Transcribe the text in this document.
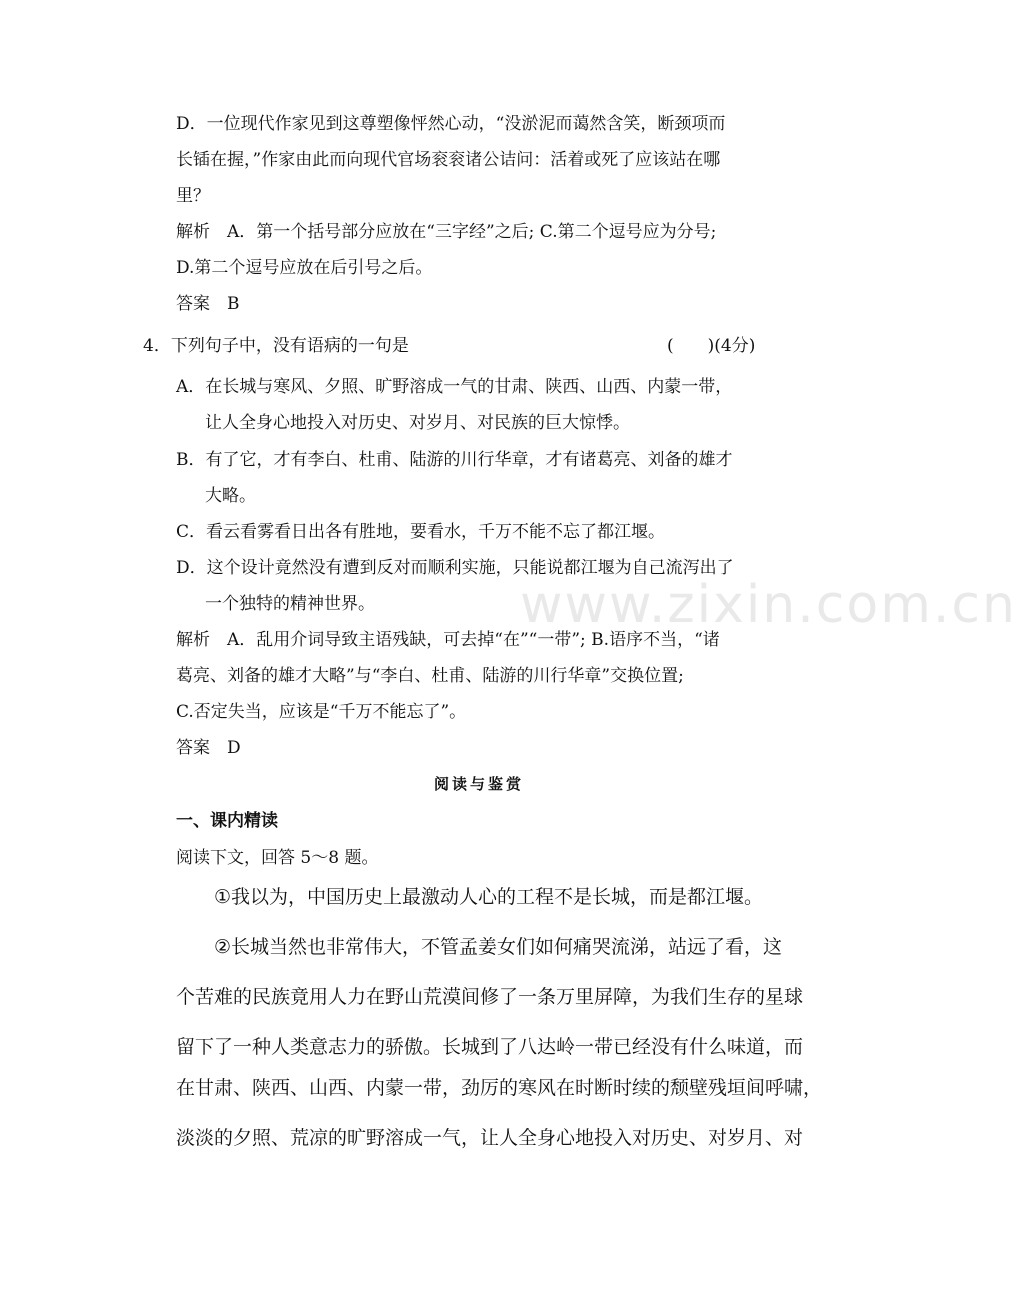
www.zixin.com.cn
D．一位现代作家见到这尊塑像怦然心动，“没淤泥而蔼然含笑，断颈项而
长锸在握，”作家由此而向现代官场衮衮诸公诘问：活着或死了应该站在哪
里？
解析　A．第一个括号部分应放在“三字经”之后; C.第二个逗号应为分号;
D.第二个逗号应放在后引号之后。
答案　B
4．下列句子中，没有语病的一句是	(　　)(4分)
A．在长城与寒风、夕照、旷野溶成一气的甘肃、陕西、山西、内蒙一带，
让人全身心地投入对历史、对岁月、对民族的巨大惊悸。
B．有了它，才有李白、杜甫、陆游的川行华章，才有诸葛亮、刘备的雄才
大略。
C．看云看雾看日出各有胜地，要看水，千万不能不忘了都江堰。
D．这个设计竟然没有遭到反对而顺利实施，只能说都江堰为自己流泻出了
一个独特的精神世界。
解析　A．乱用介词导致主语残缺，可去掉“在”“一带”; B.语序不当，“诸
葛亮、刘备的雄才大略”与“李白、杜甫、陆游的川行华章”交换位置;
C.否定失当，应该是“千万不能忘了”。
答案　D
阅读与鉴赏
一、课内精读
阅读下文，回答 5～8 题。
①我以为，中国历史上最激动人心的工程不是长城，而是都江堰。
②长城当然也非常伟大，不管孟姜女们如何痛哭流涕，站远了看，这
个苦难的民族竟用人力在野山荒漠间修了一条万里屏障，为我们生存的星球
留下了一种人类意志力的骄傲。长城到了八达岭一带已经没有什么味道，而
在甘肃、陕西、山西、内蒙一带，劲厉的寒风在时断时续的颓壁残垣间呼啸，
淡淡的夕照、荒凉的旷野溶成一气，让人全身心地投入对历史、对岁月、对
